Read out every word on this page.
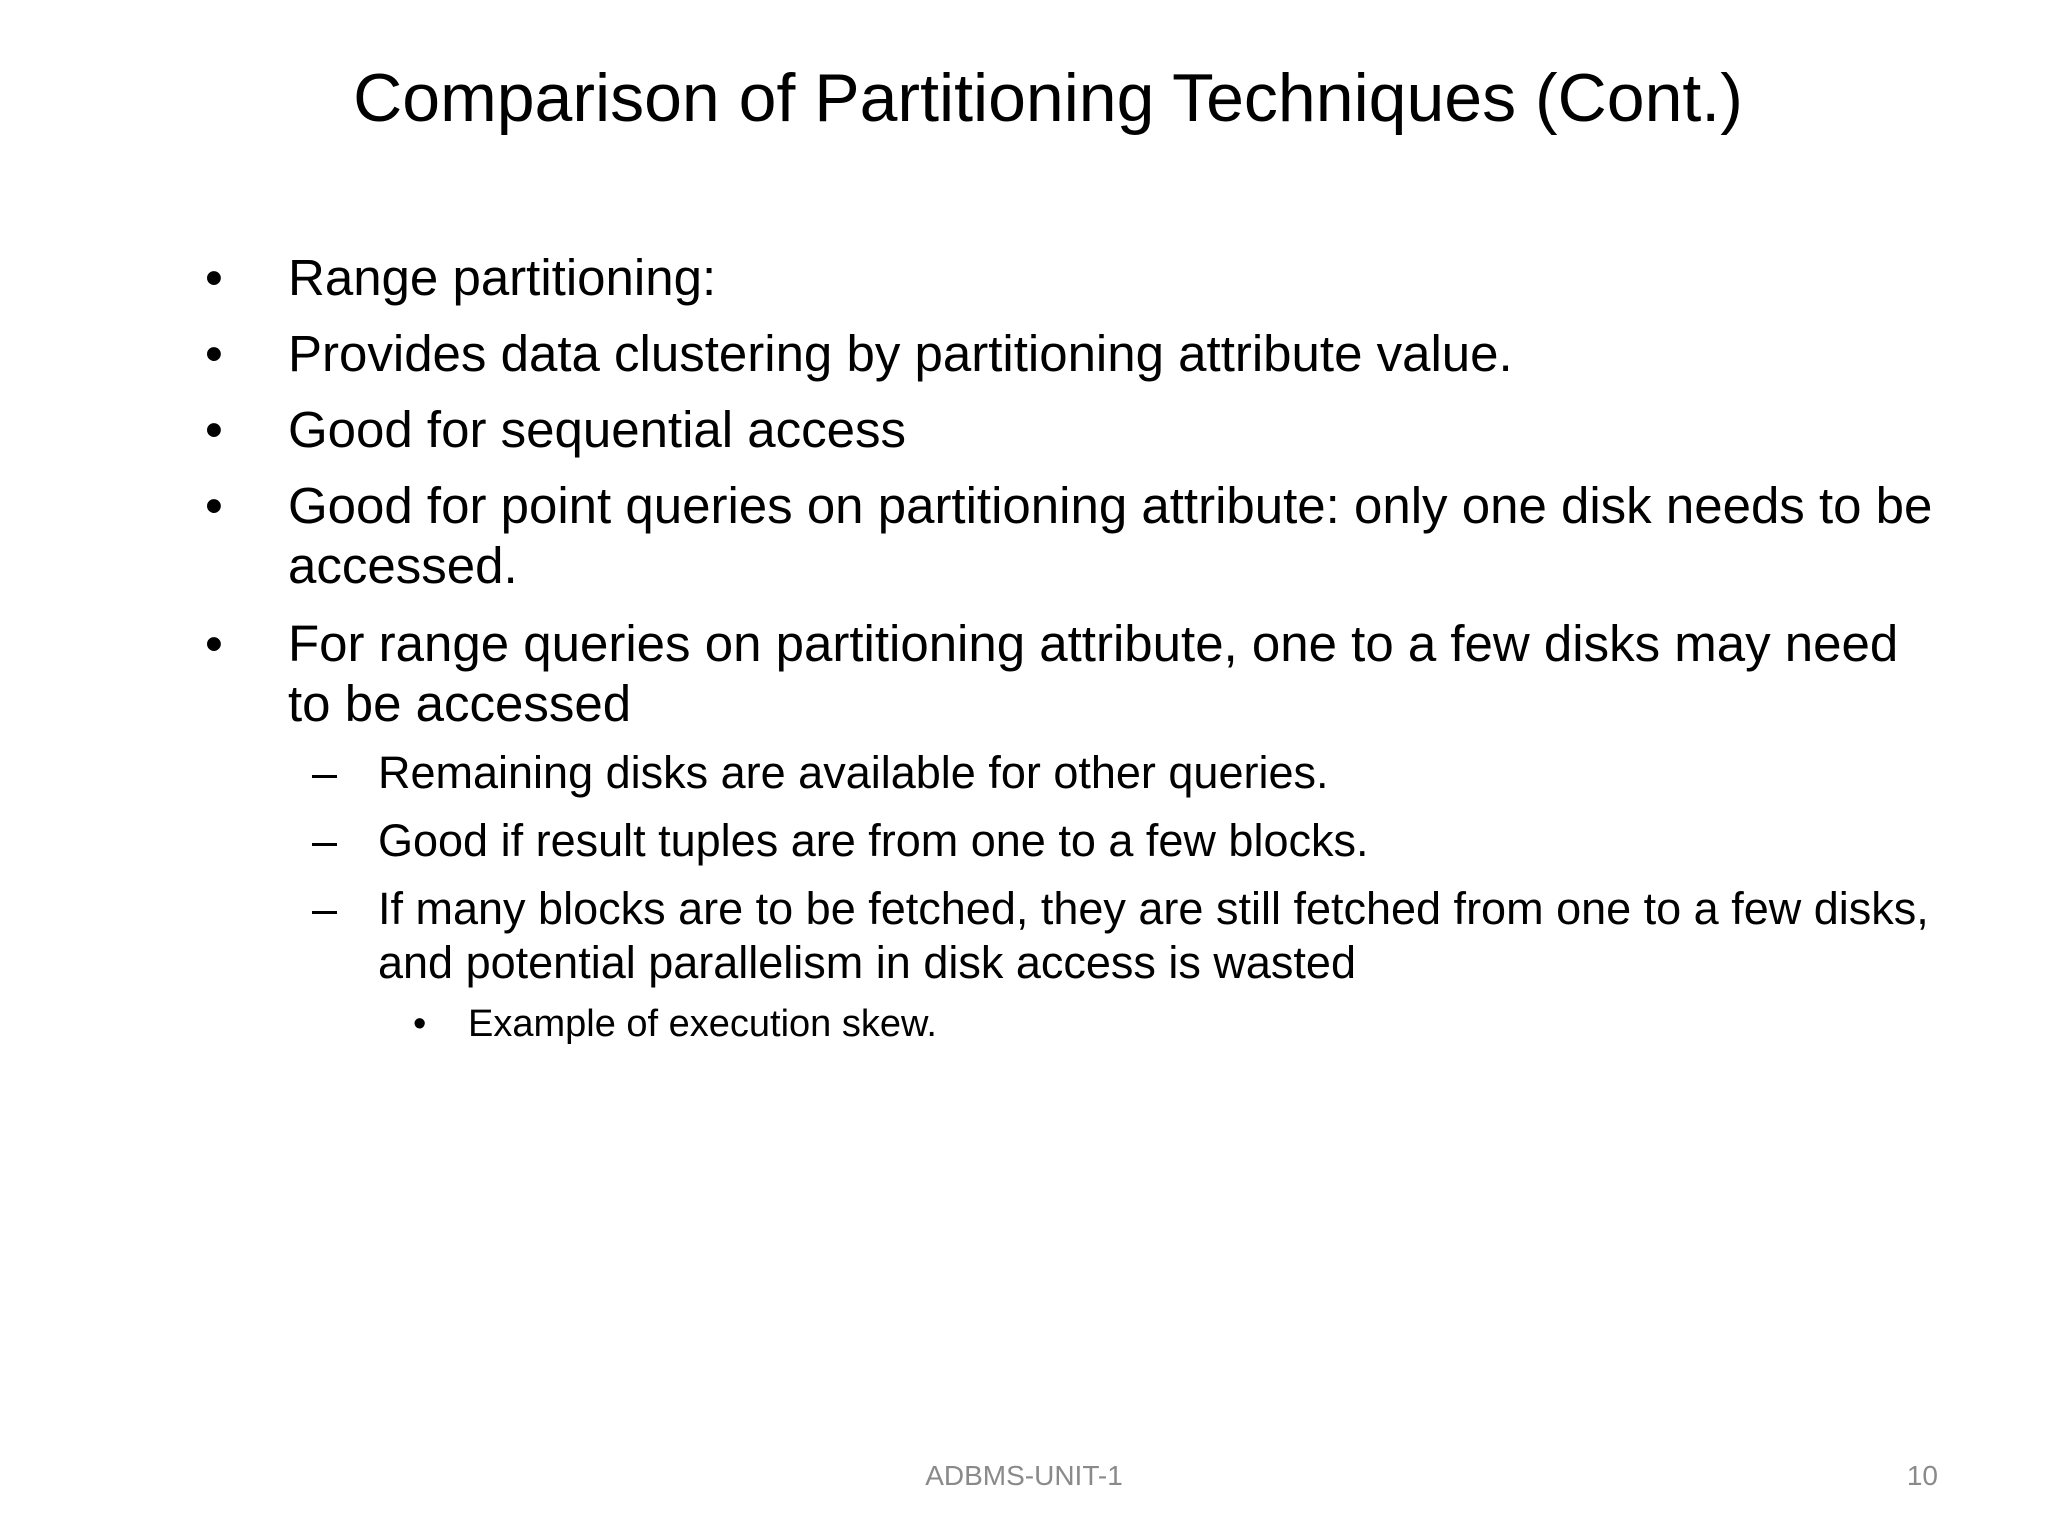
Comparison of Partitioning Techniques (Cont.)
• Range partitioning:
• Provides data clustering by partitioning attribute value.
• Good for sequential access
• Good for point queries on partitioning attribute: only one disk needs to be accessed.
• For range queries on partitioning attribute, one to a few disks may need to be accessed
– Remaining disks are available for other queries.
– Good if result tuples are from one to a few blocks.
– If many blocks are to be fetched, they are still fetched from one to a few disks, and potential parallelism in disk access is wasted
• Example of execution skew.
ADBMS-UNIT-1	10
